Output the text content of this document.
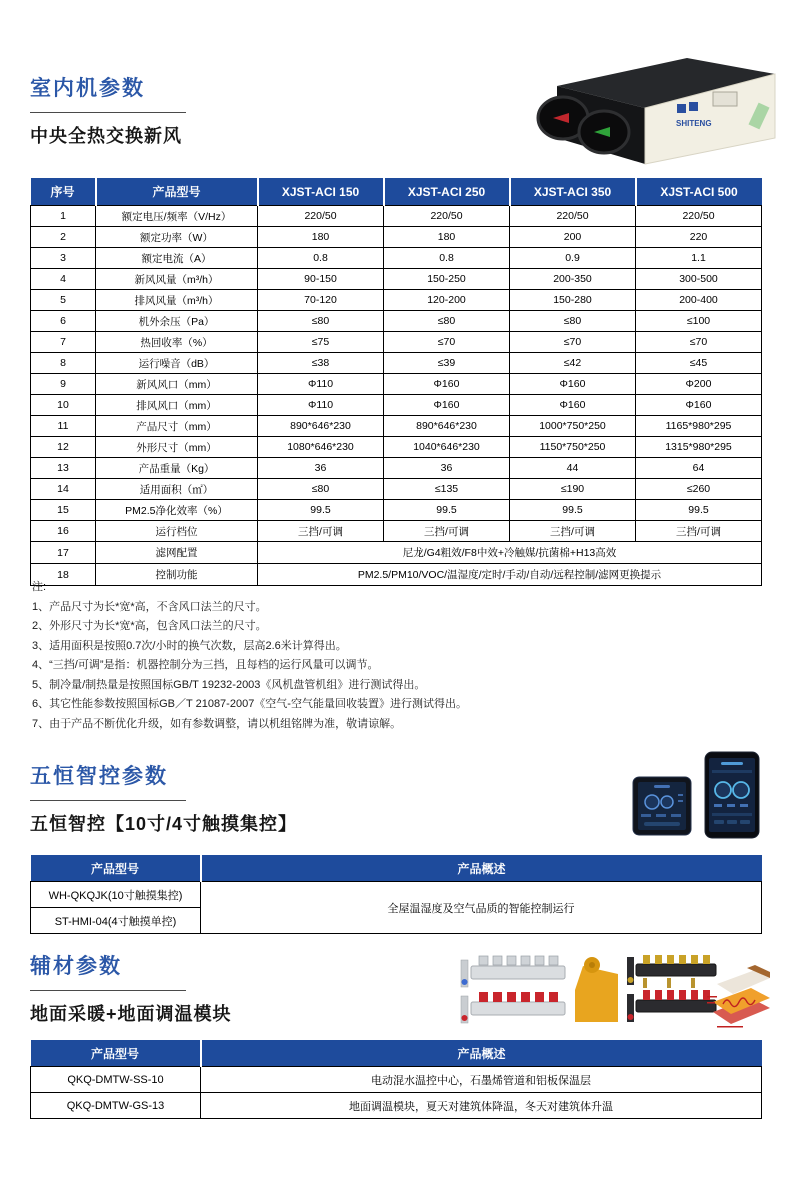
室内机参数
中央全热交换新风
SHITENG
序号	产品型号	XJST-ACI 150	XJST-ACI 250	XJST-ACI 350	XJST-ACI 500
1	额定电压/频率（V/Hz）	220/50	220/50	220/50	220/50
2	额定功率（W）	180	180	200	220
3	额定电流（A）	0.8	0.8	0.9	1.1
4	新风风量（m³/h）	90-150	150-250	200-350	300-500
5	排风风量（m³/h）	70-120	120-200	150-280	200-400
6	机外余压（Pa）	≤80	≤80	≤80	≤100
7	热回收率（%）	≤75	≤70	≤70	≤70
8	运行噪音（dB）	≤38	≤39	≤42	≤45
9	新风风口（mm）	Φ110	Φ160	Φ160	Φ200
10	排风风口（mm）	Φ110	Φ160	Φ160	Φ160
11	产品尺寸（mm）	890*646*230	890*646*230	1000*750*250	1165*980*295
12	外形尺寸（mm）	1080*646*230	1040*646*230	1150*750*250	1315*980*295
13	产品重量（Kg）	36	36	44	64
14	适用面积（㎡）	≤80	≤135	≤190	≤260
15	PM2.5净化效率（%）	99.5	99.5	99.5	99.5
16	运行档位	三挡/可调	三挡/可调	三挡/可调	三挡/可调
17	滤网配置	尼龙/G4粗效/F8中效+冷触媒/抗菌棉+H13高效			
18	控制功能	PM2.5/PM10/VOC/温湿度/定时/手动/自动/远程控制/滤网更换提示			
注:
1、产品尺寸为长*宽*高，不含风口法兰的尺寸。
2、外形尺寸为长*宽*高，包含风口法兰的尺寸。
3、适用面积是按照0.7次/小时的换气次数，层高2.6米计算得出。
4、“三挡/可调”是指：机器控制分为三挡，且每档的运行风量可以调节。
5、制冷量/制热量是按照国标GB/T 19232-2003《风机盘管机组》进行测试得出。
6、其它性能参数按照国标GB／T 21087-2007《空气-空气能量回收装置》进行测试得出。
7、由于产品不断优化升级，如有参数调整，请以机组铭牌为准，敬请谅解。
五恒智控参数
五恒智控【10寸/4寸触摸集控】
产品型号	产品概述
WH-QKQJK(10寸触摸集控)	全屋温湿度及空气品质的智能控制运行
ST-HMI-04(4寸触摸单控)	
辅材参数
地面采暖+地面调温模块
产品型号	产品概述
QKQ-DMTW-SS-10	电动混水温控中心，石墨烯管道和铝板保温层
QKQ-DMTW-GS-13	地面调温模块，夏天对建筑体降温，冬天对建筑体升温
